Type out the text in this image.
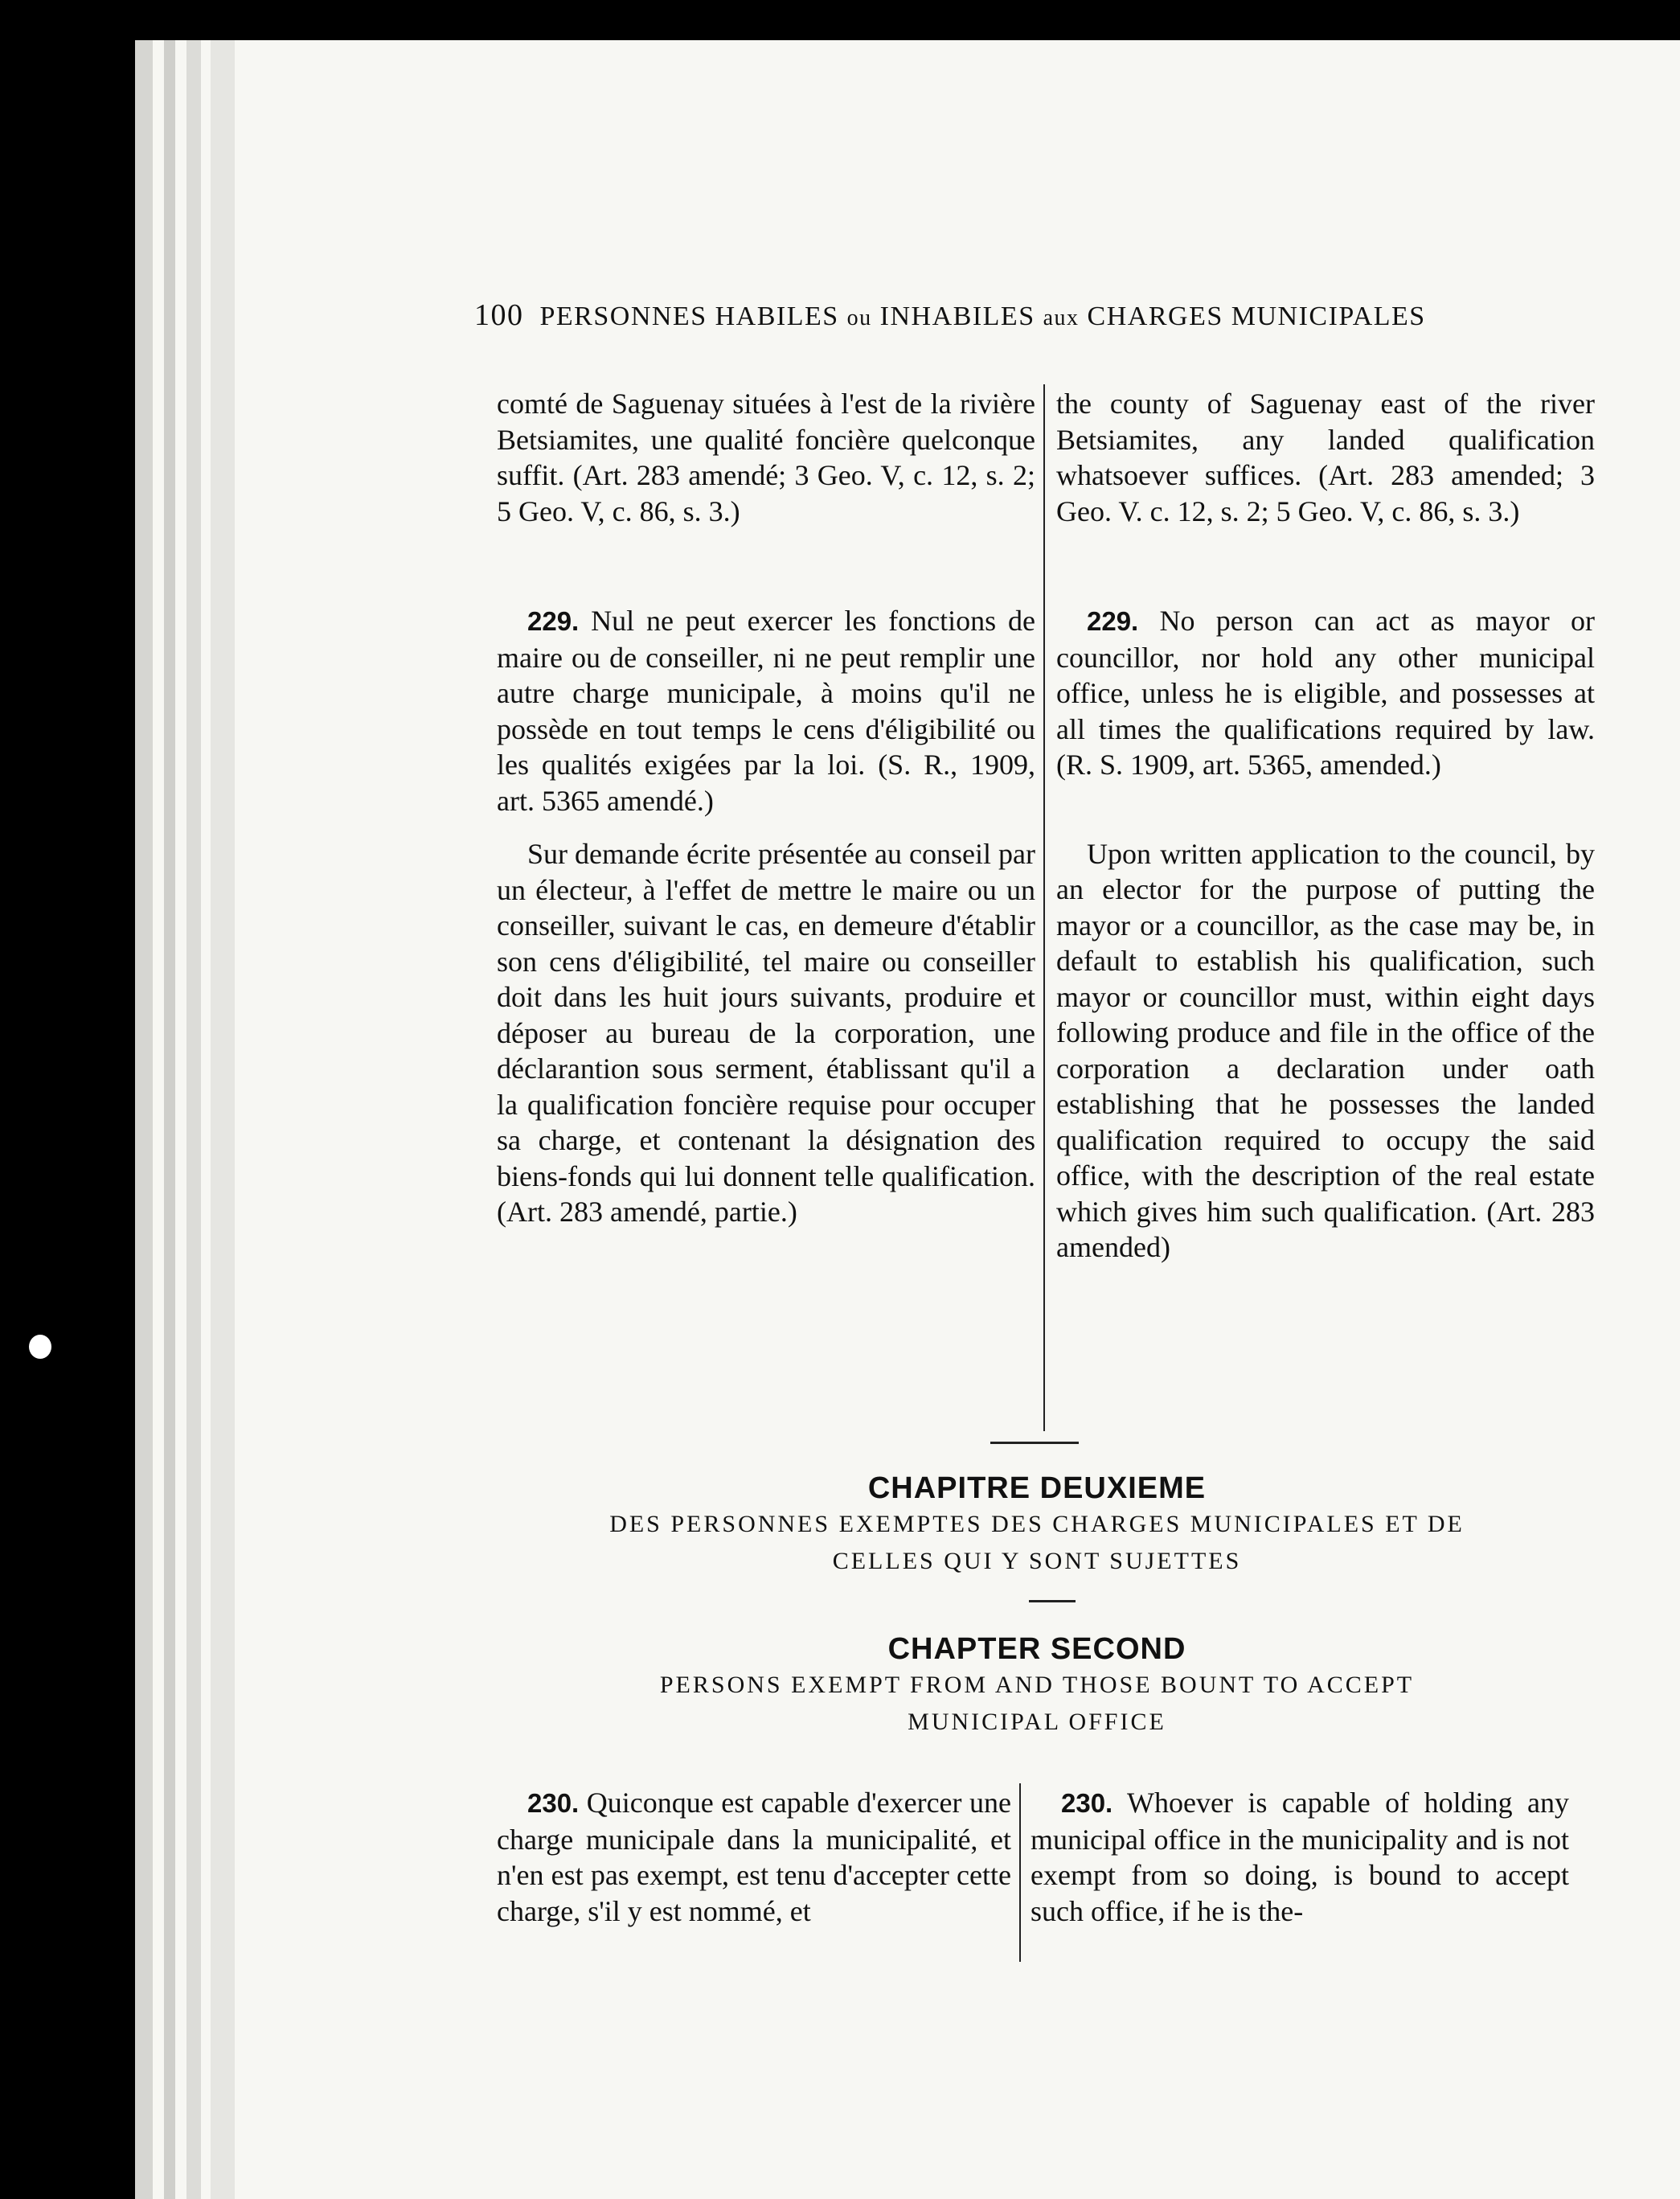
100 PERSONNES HABILES ou INHABILES aux CHARGES MUNICIPALES

comté de Saguenay situées à l'est de la rivière Betsiamites, une qualité foncière quelconque suffit. (Art. 283 amendé; 3 Geo. V, c. 12, s. 2; 5 Geo. V, c. 86, s. 3.)

the county of Saguenay east of the river Betsiamites, any landed qualification whatsoever suffices. (Art. 283 amended; 3 Geo. V. c. 12, s. 2; 5 Geo. V, c. 86, s. 3.)

229. Nul ne peut exercer les fonctions de maire ou de conseiller, ni ne peut remplir une autre charge municipale, à moins qu'il ne possède en tout temps le cens d'éligibilité ou les qualités exigées par la loi. (S. R., 1909, art. 5365 amendé.)

Sur demande écrite présentée au conseil par un électeur, à l'effet de mettre le maire ou un conseiller, suivant le cas, en demeure d'établir son cens d'éligibilité, tel maire ou conseiller doit dans les huit jours suivants, produire et déposer au bureau de la corporation, une déclarantion sous serment, établissant qu'il a la qualification foncière requise pour occuper sa charge, et contenant la désignation des biens-fonds qui lui donnent telle qualification. (Art. 283 amendé, partie.)

229. No person can act as mayor or councillor, nor hold any other municipal office, unless he is eligible, and possesses at all times the qualifications required by law. (R. S. 1909, art. 5365, amended.)

Upon written application to the council, by an elector for the purpose of putting the mayor or a councillor, as the case may be, in default to establish his qualification, such mayor or councillor must, within eight days following produce and file in the office of the corporation a declaration under oath establishing that he possesses the landed qualification required to occupy the said office, with the description of the real estate which gives him such qualification. (Art. 283 amended)

CHAPITRE DEUXIEME
DES PERSONNES EXEMPTES DES CHARGES MUNICIPALES ET DE
CELLES QUI Y SONT SUJETTES
CHAPTER SECOND
PERSONS EXEMPT FROM AND THOSE BOUNT TO ACCEPT
MUNICIPAL OFFICE

230. Quiconque est capable d'exercer une charge municipale dans la municipalité, et n'en est pas exempt, est tenu d'accepter cette charge, s'il y est nommé, et

230. Whoever is capable of holding any municipal office in the municipality and is not exempt from so doing, is bound to accept such office, if he is the-
